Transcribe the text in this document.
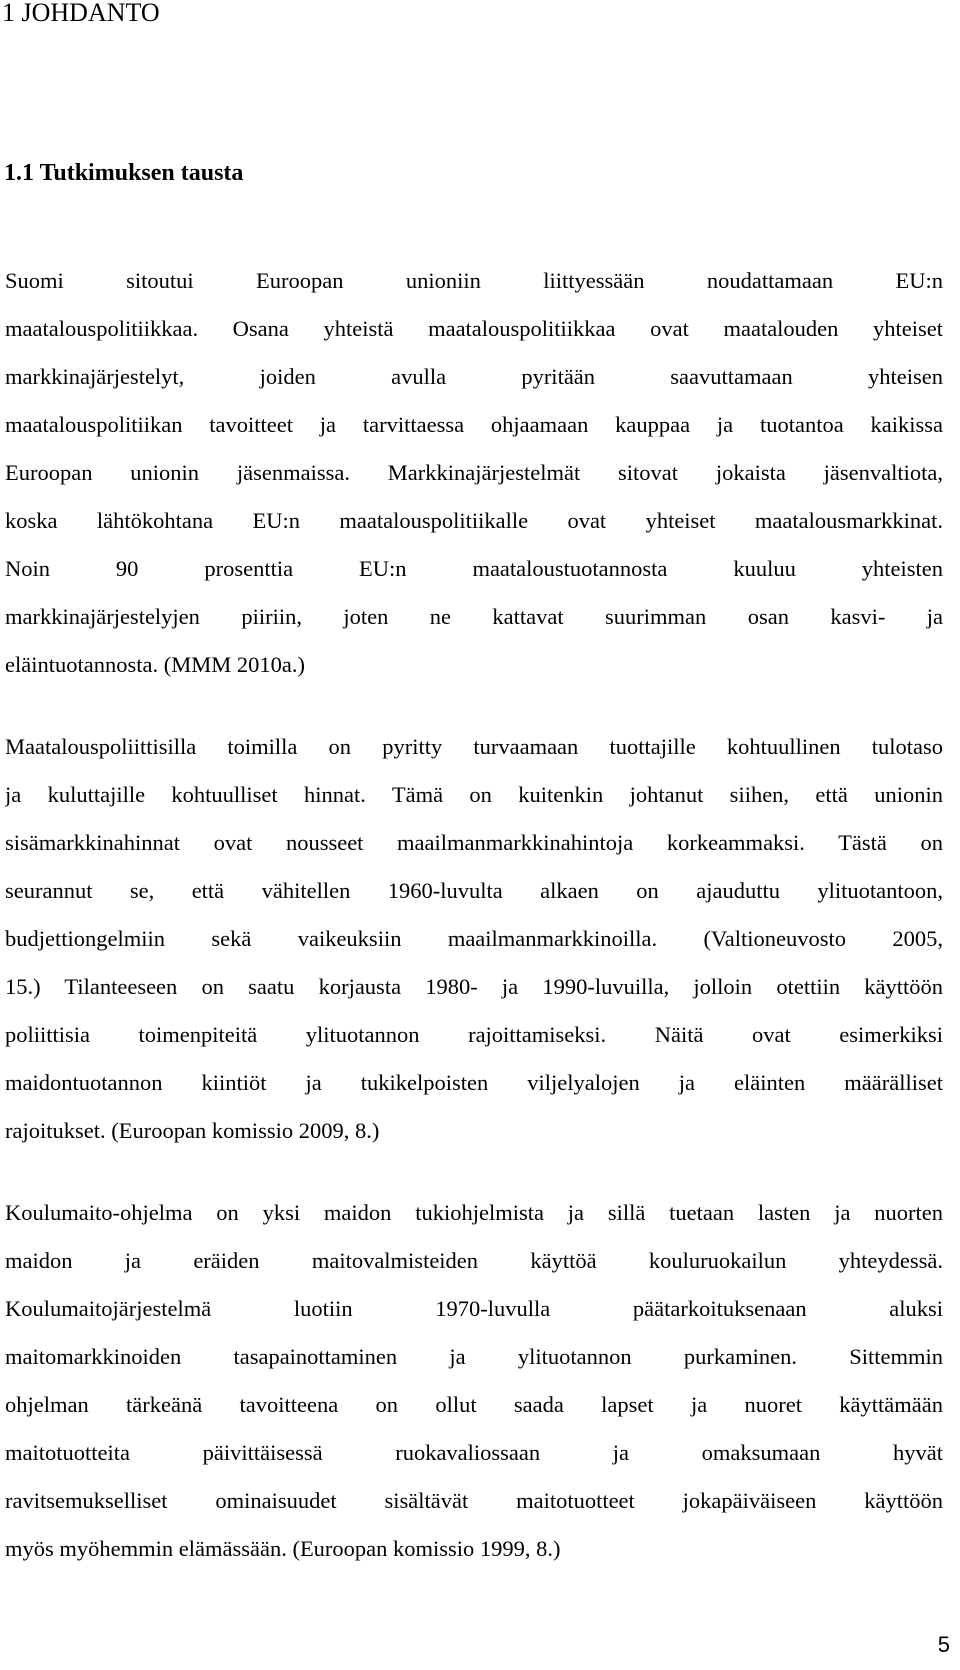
1 JOHDANTO
1.1 Tutkimuksen tausta
Suomi sitoutui Euroopan unioniin liittyessään noudattamaan EU:n
maatalouspolitiikkaa. Osana yhteistä maatalouspolitiikkaa ovat maatalouden yhteiset
markkinajärjestelyt, joiden avulla pyritään saavuttamaan yhteisen
maatalouspolitiikan tavoitteet ja tarvittaessa ohjaamaan kauppaa ja tuotantoa kaikissa
Euroopan unionin jäsenmaissa. Markkinajärjestelmät sitovat jokaista jäsenvaltiota,
koska lähtökohtana EU:n maatalouspolitiikalle ovat yhteiset maatalousmarkkinat.
Noin 90 prosenttia EU:n maataloustuotannosta kuuluu yhteisten
markkinajärjestelyjen piiriin, joten ne kattavat suurimman osan kasvi- ja
eläintuotannosta. (MMM 2010a.)
Maatalouspoliittisilla toimilla on pyritty turvaamaan tuottajille kohtuullinen tulotaso
ja kuluttajille kohtuulliset hinnat. Tämä on kuitenkin johtanut siihen, että unionin
sisämarkkinahinnat ovat nousseet maailmanmarkkinahintoja korkeammaksi. Tästä on
seurannut se, että vähitellen 1960-luvulta alkaen on ajauduttu ylituotantoon,
budjettiongelmiin sekä vaikeuksiin maailmanmarkkinoilla. (Valtioneuvosto 2005,
15.) Tilanteeseen on saatu korjausta 1980- ja 1990-luvuilla, jolloin otettiin käyttöön
poliittisia toimenpiteitä ylituotannon rajoittamiseksi. Näitä ovat esimerkiksi
maidontuotannon kiintiöt ja tukikelpoisten viljelyalojen ja eläinten määrälliset
rajoitukset. (Euroopan komissio 2009, 8.)
Koulumaito-ohjelma on yksi maidon tukiohjelmista ja sillä tuetaan lasten ja nuorten
maidon ja eräiden maitovalmisteiden käyttöä kouluruokailun yhteydessä.
Koulumaitojärjestelmä luotiin 1970-luvulla päätarkoituksenaan aluksi
maitomarkkinoiden tasapainottaminen ja ylituotannon purkaminen. Sittemmin
ohjelman tärkeänä tavoitteena on ollut saada lapset ja nuoret käyttämään
maitotuotteita päivittäisessä ruokavaliossaan ja omaksumaan hyvät
ravitsemukselliset ominaisuudet sisältävät maitotuotteet jokapäiväiseen käyttöön
myös myöhemmin elämässään. (Euroopan komissio 1999, 8.)

5
